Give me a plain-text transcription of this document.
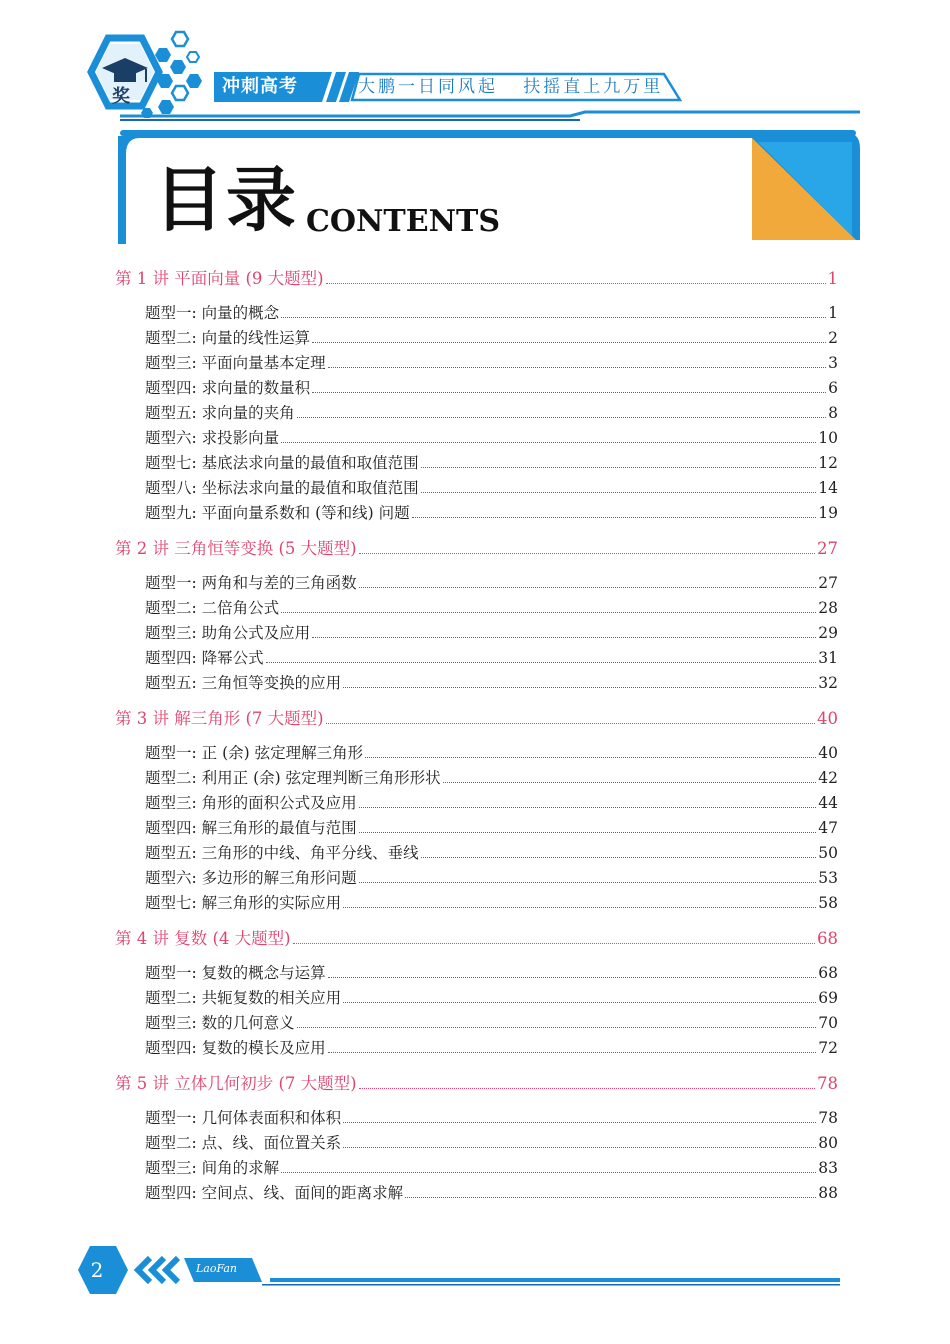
奖	冲刺高考	大鹏一日同风起   扶摇直上九万里
目录 CONTENTS
第 1 讲 平面向量 (9 大题型)	1
题型一: 向量的概念	1
题型二: 向量的线性运算	2
题型三: 平面向量基本定理	3
题型四: 求向量的数量积	6
题型五: 求向量的夹角	8
题型六: 求投影向量	10
题型七: 基底法求向量的最值和取值范围	12
题型八: 坐标法求向量的最值和取值范围	14
题型九: 平面向量系数和 (等和线) 问题	19
第 2 讲 三角恒等变换 (5 大题型)	27
题型一: 两角和与差的三角函数	27
题型二: 二倍角公式	28
题型三: 助角公式及应用	29
题型四: 降幂公式	31
题型五: 三角恒等变换的应用	32
第 3 讲 解三角形 (7 大题型)	40
题型一: 正 (余) 弦定理解三角形	40
题型二: 利用正 (余) 弦定理判断三角形形状	42
题型三: 角形的面积公式及应用	44
题型四: 解三角形的最值与范围	47
题型五: 三角形的中线、角平分线、垂线	50
题型六: 多边形的解三角形问题	53
题型七: 解三角形的实际应用	58
第 4 讲 复数 (4 大题型)	68
题型一: 复数的概念与运算	68
题型二: 共轭复数的相关应用	69
题型三: 数的几何意义	70
题型四: 复数的模长及应用	72
第 5 讲 立体几何初步 (7 大题型)	78
题型一: 几何体表面积和体积	78
题型二: 点、线、面位置关系	80
题型三: 间角的求解	83
题型四: 空间点、线、面间的距离求解	88
2	LaoFan
